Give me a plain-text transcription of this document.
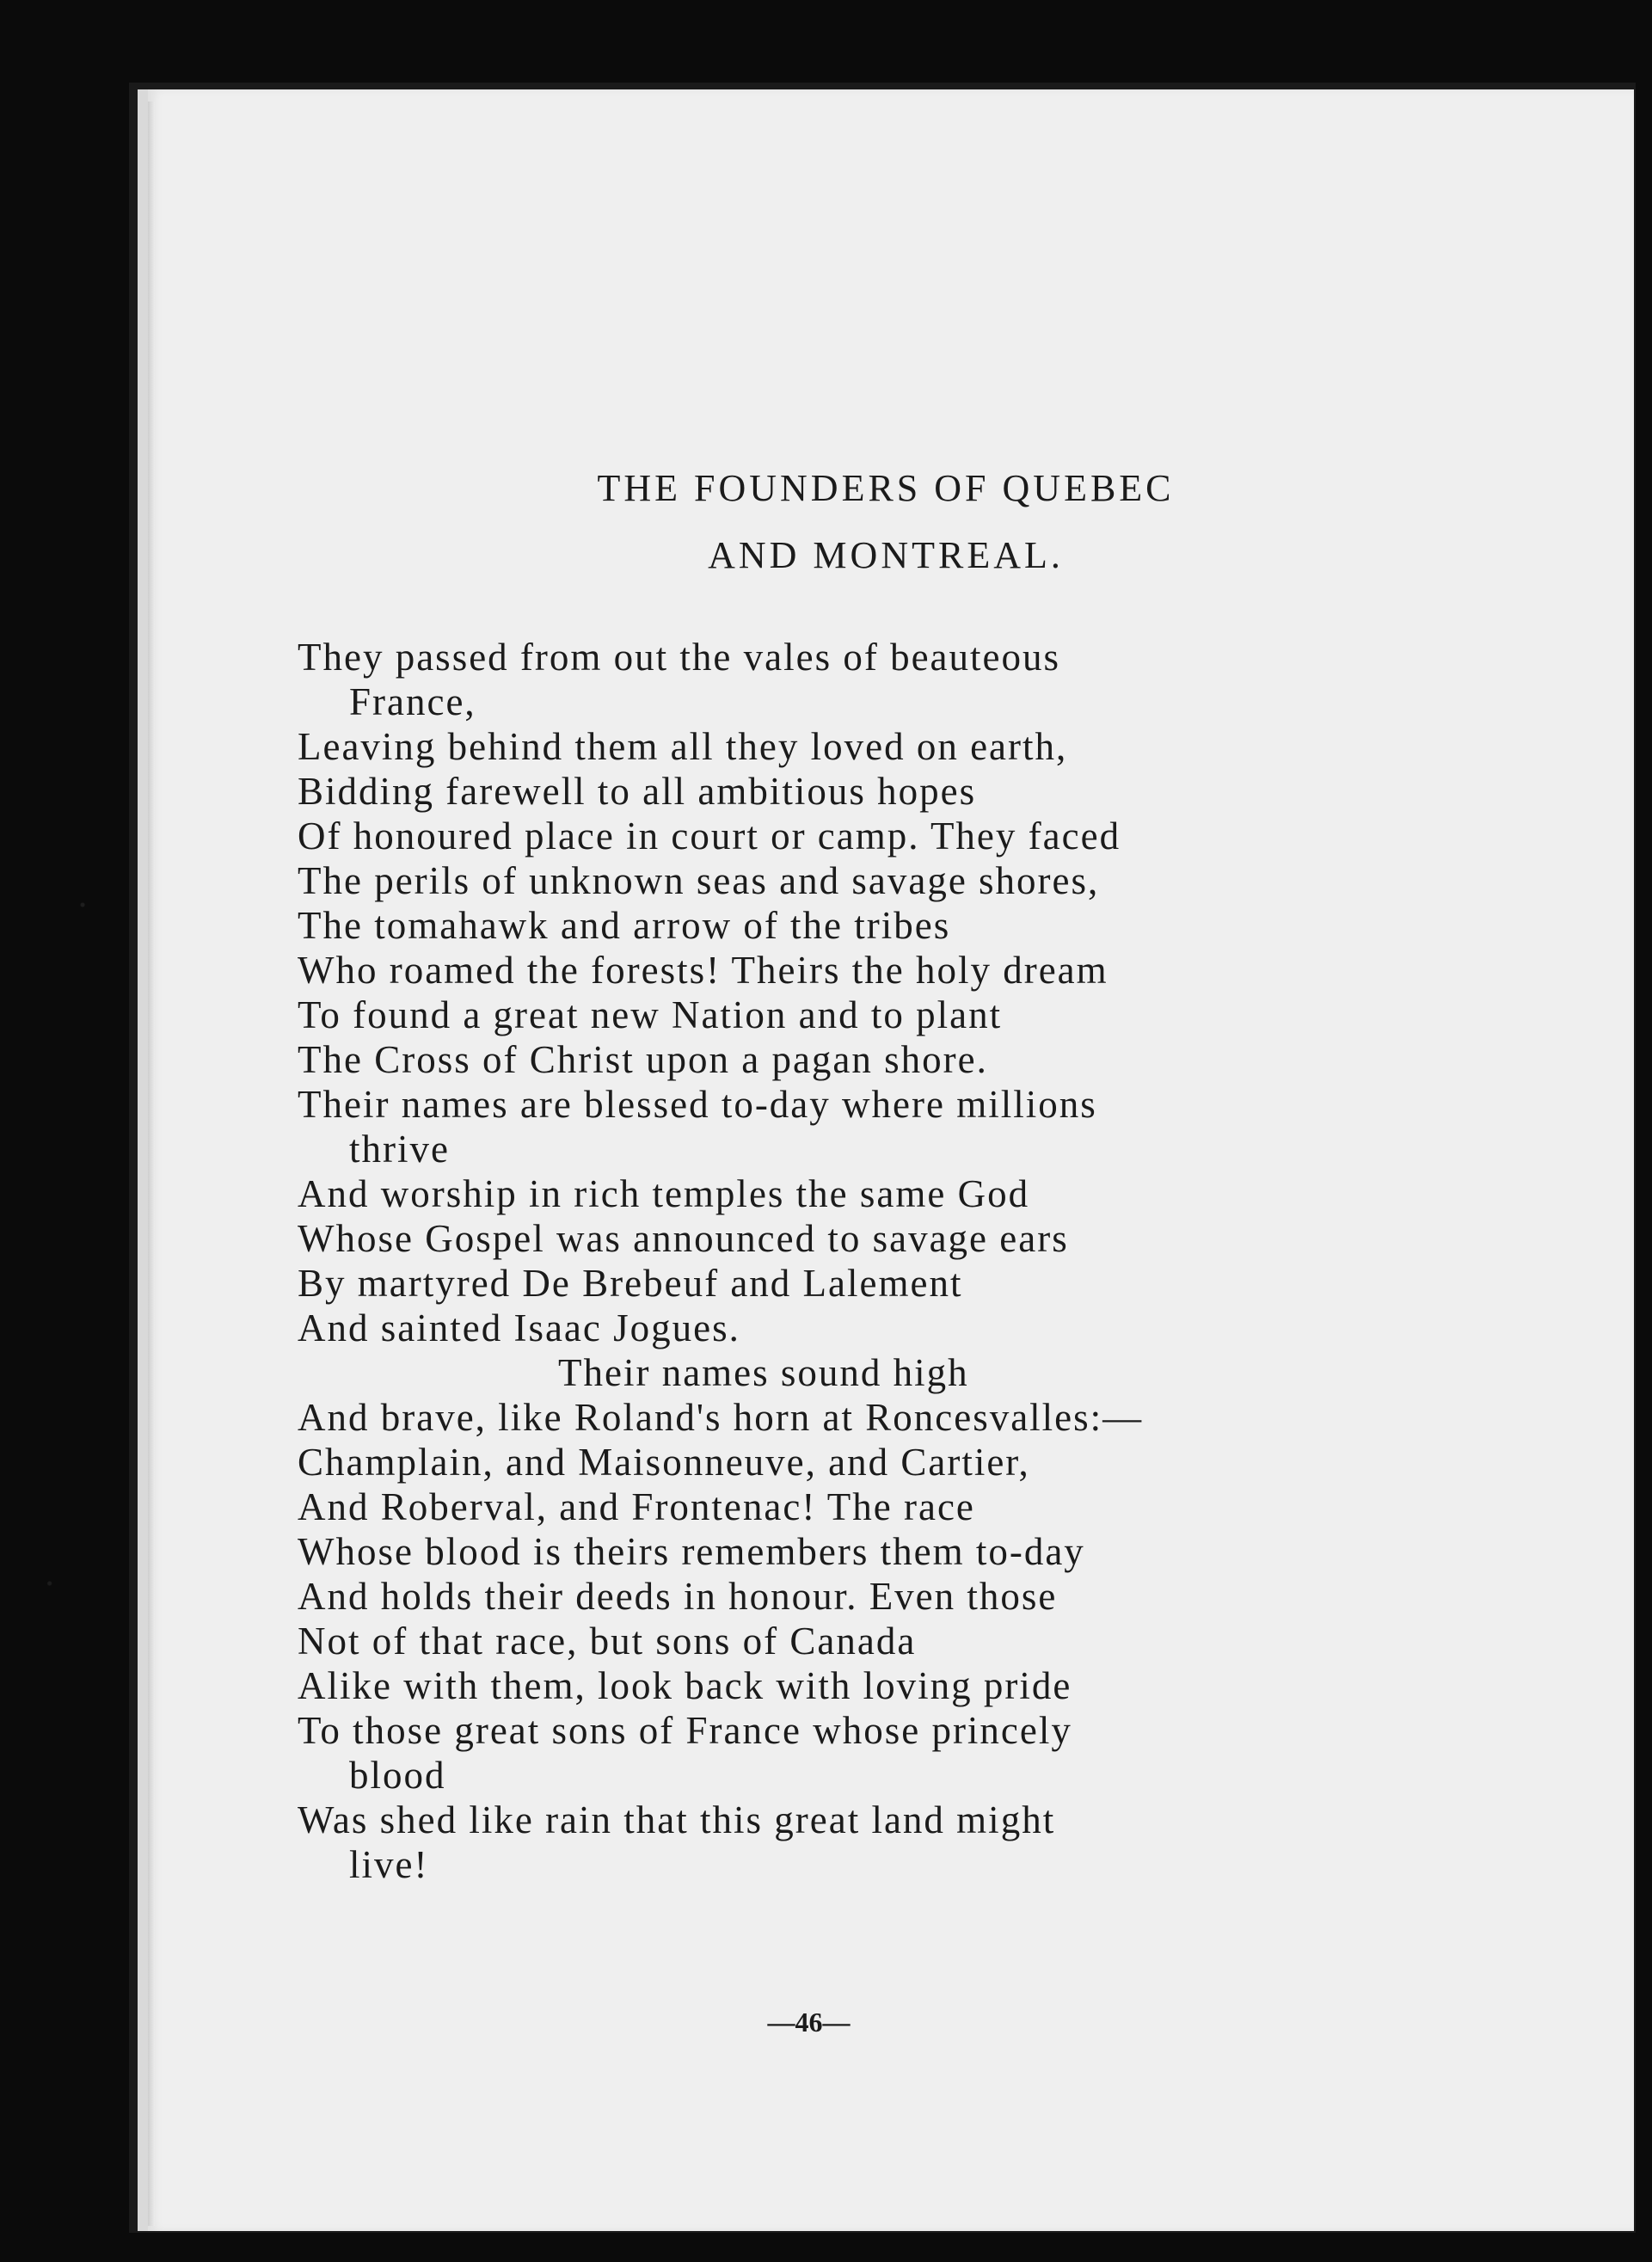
THE FOUNDERS OF QUEBEC
AND MONTREAL.
They passed from out the vales of beauteous
France,
Leaving behind them all they loved on earth,
Bidding farewell to all ambitious hopes
Of honoured place in court or camp. They faced
The perils of unknown seas and savage shores,
The tomahawk and arrow of the tribes
Who roamed the forests! Theirs the holy dream
To found a great new Nation and to plant
The Cross of Christ upon a pagan shore.
Their names are blessed to-day where millions
thrive
And worship in rich temples the same God
Whose Gospel was announced to savage ears
By martyred De Brebeuf and Lalement
And sainted Isaac Jogues.
Their names sound high
And brave, like Roland's horn at Roncesvalles:—
Champlain, and Maisonneuve, and Cartier,
And Roberval, and Frontenac! The race
Whose blood is theirs remembers them to-day
And holds their deeds in honour. Even those
Not of that race, but sons of Canada
Alike with them, look back with loving pride
To those great sons of France whose princely
blood
Was shed like rain that this great land might
live!
—46—
